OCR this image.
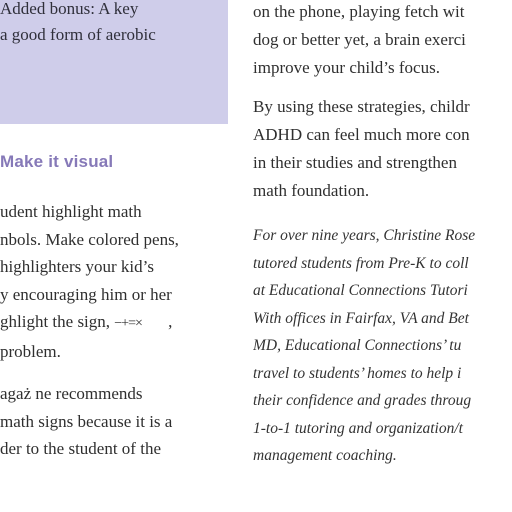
Added bonus: A key
a good form of aerobic
Make it visual
udent highlight math
nbols. Make colored pens,
highlighters your kid’s
y encouraging him or her
ghlight the sign, −+=× ,
problem.
agaż ne recommends
math signs because it is a
der to the student of the
on the phone, playing fetch wit
dog or better yet, a brain exerci
improve your child’s focus.
By using these strategies, childr
ADHD can feel much more con
in their studies and strengthen
math foundation.
For over nine years, Christine Rose
tutored students from Pre-K to coll
at Educational Connections Tutori
With offices in Fairfax, VA and Bet
MD, Educational Connections’ tu
travel to students’ homes to help i
their confidence and grades throug
1-to-1 tutoring and organization/t
management coaching.
